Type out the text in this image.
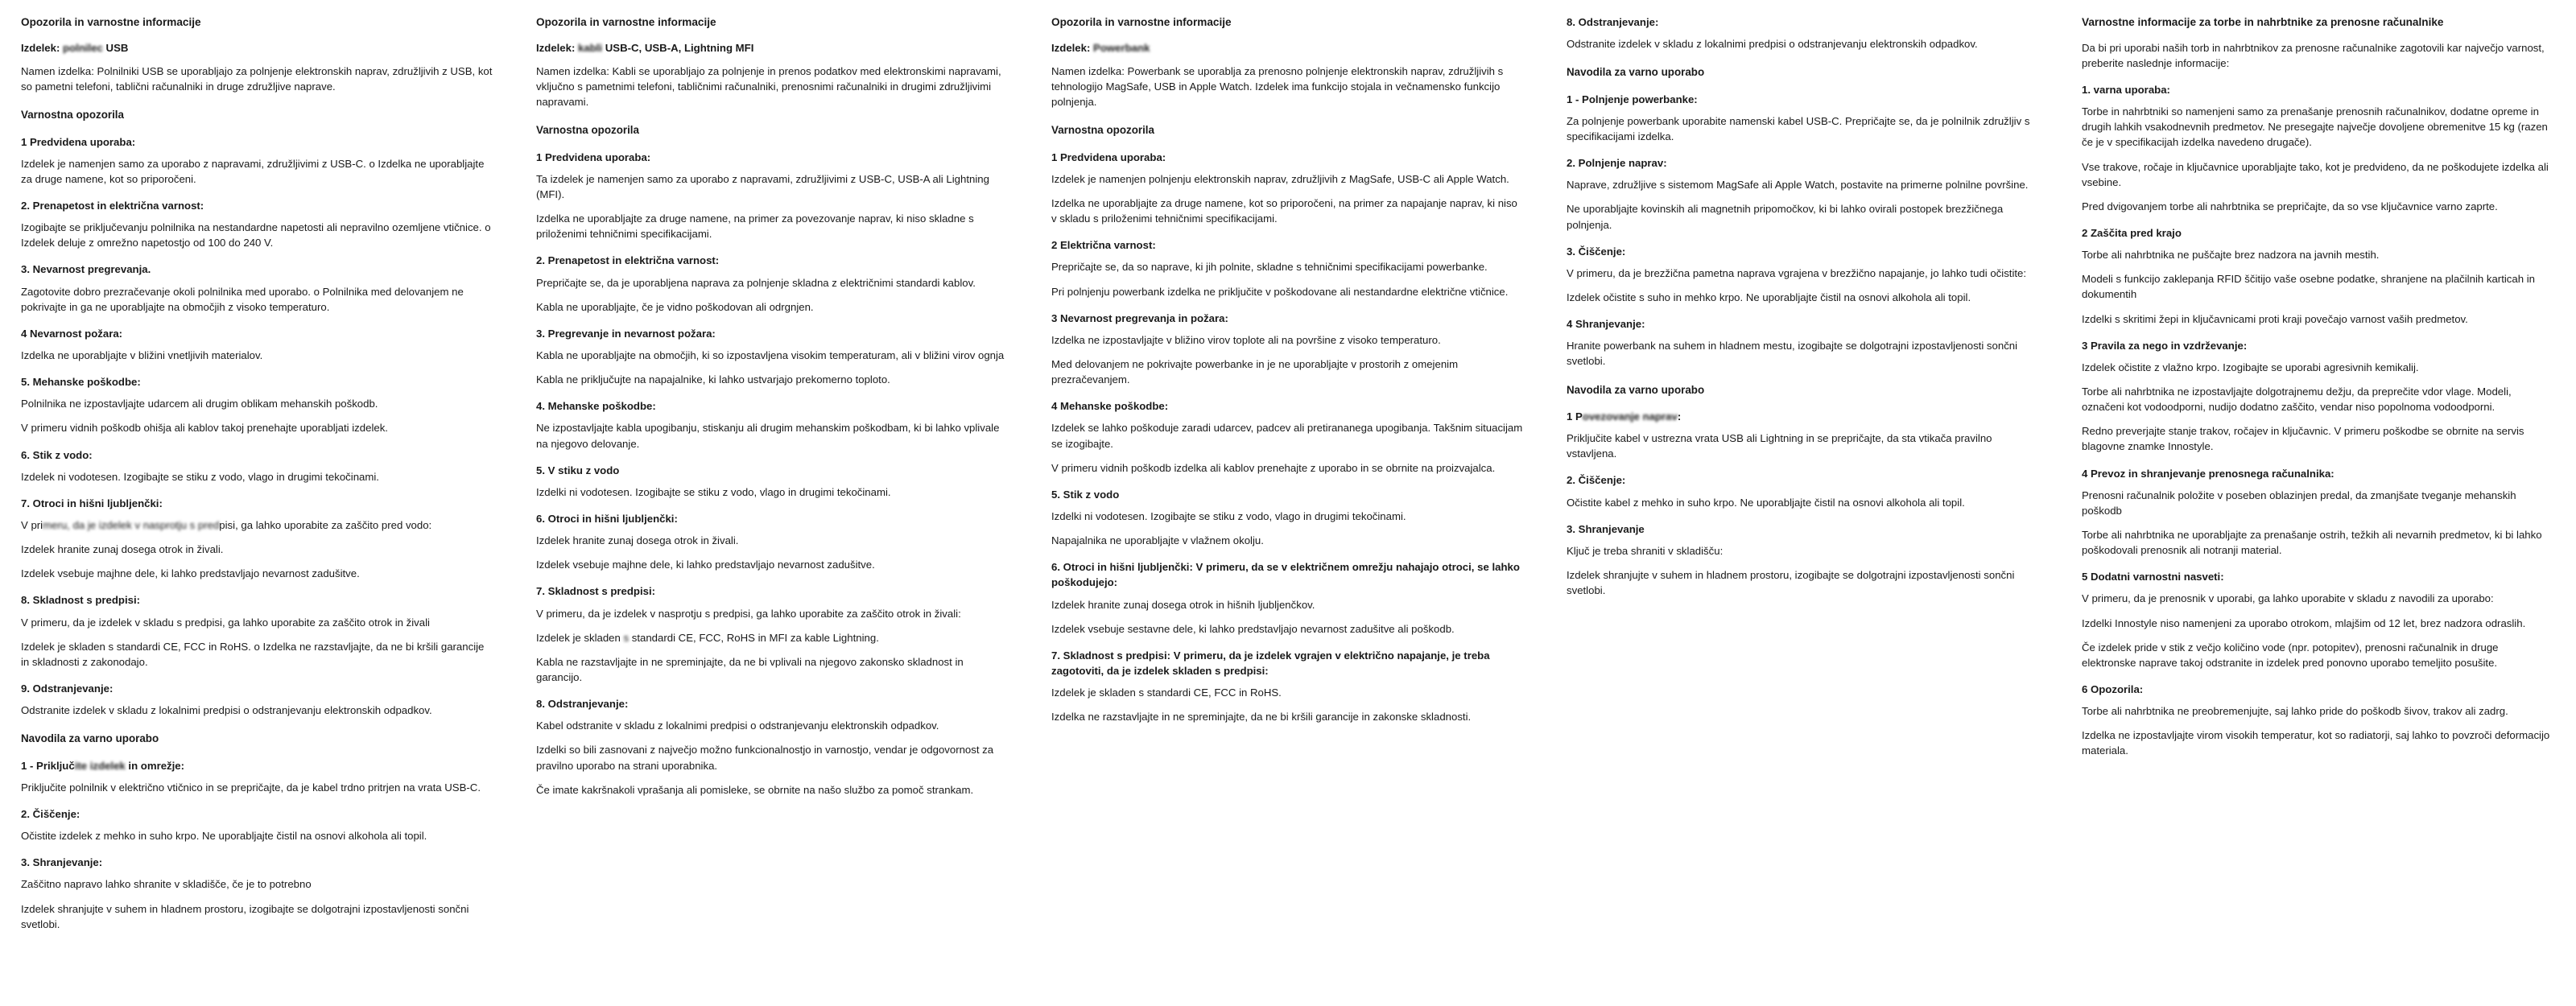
Opozorila in varnostne informacije

Izdelek: polnilec USB

Namen izdelka: Polnilniki USB se uporabljajo za polnjenje elektronskih naprav, združljivih z USB, kot so pametni telefoni, tablični računalniki in druge združljive naprave.

Varnostna opozorila
1 Predvidena uporaba:

Izdelek je namenjen samo za uporabo z napravami, združljivimi z USB-C. o Izdelka ne uporabljajte za druge namene, kot so priporočeni.

2. Prenapetost in električna varnost:

Izogibajte se priključevanju polnilnika na nestandardne napetosti ali nepravilno ozemljene vtičnice. o Izdelek deluje z omrežno napetostjo od 100 do 240 V.

3. Nevarnost pregrevanja.

Zagotovite dobro prezračevanje okoli polnilnika med uporabo. o Polnilnika med delovanjem ne pokrivajte in ga ne uporabljajte na območjih z visoko temperaturo.

4 Nevarnost požara:

Izdelka ne uporabljajte v bližini vnetljivih materialov.

5. Mehanske poškodbe:

Polnilnika ne izpostavljajte udarcem ali drugim oblikam mehanskih poškodb.

V primeru vidnih poškodb ohišja ali kablov takoj prenehajte uporabljati izdelek.

6. Stik z vodo:

Izdelek ni vodotesen. Izogibajte se stiku z vodo, vlago in drugimi tekočinami.

7. Otroci in hišni ljubljenčki:

V primeru, da je izdelek v nasprotju s predpisi, ga lahko uporabite za zaščito pred vodo:

Izdelek hranite zunaj dosega otrok in živali.

Izdelek vsebuje majhne dele, ki lahko predstavljajo nevarnost zadušitve.

8. Skladnost s predpisi:

V primeru, da je izdelek v skladu s predpisi, ga lahko uporabite za zaščito otrok in živali

Izdelek je skladen s standardi CE, FCC in RoHS. o Izdelka ne razstavljajte, da ne bi kršili garancije in skladnosti z zakonodajo.

9. Odstranjevanje:

Odstranite izdelek v skladu z lokalnimi predpisi o odstranjevanju elektronskih odpadkov.

Navodila za varno uporabo
1 - Priključite izdelek in omrežje:

Priključite polnilnik v električno vtičnico in se prepričajte, da je kabel trdno pritrjen na vrata USB-C.

2. Čiščenje:

Očistite izdelek z mehko in suho krpo. Ne uporabljajte čistil na osnovi alkohola ali topil.

3. Shranjevanje:

Zaščitno napravo lahko shranite v skladišče, če je to potrebno

Izdelek shranjujte v suhem in hladnem prostoru, izogibajte se dolgotrajni izpostavljenosti sončni svetlobi.

Opozorila in varnostne informacije

Izdelek: kabli USB-C, USB-A, Lightning MFI

Namen izdelka: Kabli se uporabljajo za polnjenje in prenos podatkov med elektronskimi napravami, vključno s pametnimi telefoni, tabličnimi računalniki, prenosnimi računalniki in drugimi združljivimi napravami.

Varnostna opozorila
1 Predvidena uporaba:

Ta izdelek je namenjen samo za uporabo z napravami, združljivimi z USB-C, USB-A ali Lightning (MFI).

Izdelka ne uporabljajte za druge namene, na primer za povezovanje naprav, ki niso skladne s priloženimi tehničnimi specifikacijami.

2. Prenapetost in električna varnost:

Prepričajte se, da je uporabljena naprava za polnjenje skladna z električnimi standardi kablov.

Kabla ne uporabljajte, če je vidno poškodovan ali odrgnjen.

3. Pregrevanje in nevarnost požara:

Kabla ne uporabljajte na območjih, ki so izpostavljena visokim temperaturam, ali v bližini virov ognja

Kabla ne priključujte na napajalnike, ki lahko ustvarjajo prekomerno toploto.

4. Mehanske poškodbe:

Ne izpostavljajte kabla upogibanju, stiskanju ali drugim mehanskim poškodbam, ki bi lahko vplivale na njegovo delovanje.

5. V stiku z vodo

Izdelki ni vodotesen. Izogibajte se stiku z vodo, vlago in drugimi tekočinami.

6. Otroci in hišni ljubljenčki:

Izdelek hranite zunaj dosega otrok in živali.

Izdelek vsebuje majhne dele, ki lahko predstavljajo nevarnost zadušitve.

7. Skladnost s predpisi:

V primeru, da je izdelek v nasprotju s predpisi, ga lahko uporabite za zaščito otrok in živali:

Izdelek je skladen s standardi CE, FCC, RoHS in MFI za kable Lightning.

Kabla ne razstavljajte in ne spreminjajte, da ne bi vplivali na njegovo zakonsko skladnost in garancijo.

8. Odstranjevanje:

Kabel odstranite v skladu z lokalnimi predpisi o odstranjevanju elektronskih odpadkov.

Izdelki so bili zasnovani z največjo možno funkcionalnostjo in varnostjo, vendar je odgovornost za pravilno uporabo na strani uporabnika.

Če imate kakršnakoli vprašanja ali pomisleke, se obrnite na našo službo za pomoč strankam.

Opozorila in varnostne informacije

Izdelek: Powerbank

Namen izdelka: Powerbank se uporablja za prenosno polnjenje elektronskih naprav, združljivih s tehnologijo MagSafe, USB in Apple Watch. Izdelek ima funkcijo stojala in večnamensko funkcijo polnjenja.

Varnostna opozorila
1 Predvidena uporaba:

Izdelek je namenjen polnjenju elektronskih naprav, združljivih z MagSafe, USB-C ali Apple Watch.

Izdelka ne uporabljajte za druge namene, kot so priporočeni, na primer za napajanje naprav, ki niso v skladu s priloženimi tehničnimi specifikacijami.

2 Električna varnost:

Prepričajte se, da so naprave, ki jih polnite, skladne s tehničnimi specifikacijami powerbanke.

Pri polnjenju powerbank izdelka ne priključite v poškodovane ali nestandardne električne vtičnice.

3 Nevarnost pregrevanja in požara:

Izdelka ne izpostavljajte v bližino virov toplote ali na površine z visoko temperaturo.

Med delovanjem ne pokrivajte powerbanke in je ne uporabljajte v prostorih z omejenim prezračevanjem.

4 Mehanske poškodbe:

Izdelek se lahko poškoduje zaradi udarcev, padcev ali pretirananega upogibanja. Takšnim situacijam se izogibajte.

V primeru vidnih poškodb izdelka ali kablov prenehajte z uporabo in se obrnite na proizvajalca.

5. Stik z vodo

Izdelki ni vodotesen. Izogibajte se stiku z vodo, vlago in drugimi tekočinami.

Napajalnika ne uporabljajte v vlažnem okolju.

6. Otroci in hišni ljubljenčki: V primeru, da se v električnem omrežju nahajajo otroci, se lahko poškodujejo:

Izdelek hranite zunaj dosega otrok in hišnih ljubljenčkov.

Izdelek vsebuje sestavne dele, ki lahko predstavljajo nevarnost zadušitve ali poškodb.

7. Skladnost s predpisi: V primeru, da je izdelek vgrajen v električno napajanje, je treba zagotoviti, da je izdelek skladen s predpisi:

Izdelek je skladen s standardi CE, FCC in RoHS.

Izdelka ne razstavljajte in ne spreminjajte, da ne bi kršili garancije in zakonske skladnosti.

8. Odstranjevanje:

Odstranite izdelek v skladu z lokalnimi predpisi o odstranjevanju elektronskih odpadkov.

Navodila za varno uporabo
1 - Polnjenje powerbanke:

Za polnjenje powerbank uporabite namenski kabel USB-C. Prepričajte se, da je polnilnik združljiv s specifikacijami izdelka.

2. Polnjenje naprav:

Naprave, združljive s sistemom MagSafe ali Apple Watch, postavite na primerne polnilne površine.

Ne uporabljajte kovinskih ali magnetnih pripomočkov, ki bi lahko ovirali postopek brezžičnega polnjenja.

3. Čiščenje:

V primeru, da je brezžična pametna naprava vgrajena v brezžično napajanje, jo lahko tudi očistite:

Izdelek očistite s suho in mehko krpo. Ne uporabljajte čistil na osnovi alkohola ali topil.

4 Shranjevanje:

Hranite powerbank na suhem in hladnem mestu, izogibajte se dolgotrajni izpostavljenosti sončni svetlobi.

Navodila za varno uporabo
1 Povezovanje naprav:

Priključite kabel v ustrezna vrata USB ali Lightning in se prepričajte, da sta vtikača pravilno vstavljena.

2. Čiščenje:

Očistite kabel z mehko in suho krpo. Ne uporabljajte čistil na osnovi alkohola ali topil.

3. Shranjevanje

Ključ je treba shraniti v skladišču:

Izdelek shranjujte v suhem in hladnem prostoru, izogibajte se dolgotrajni izpostavljenosti sončni svetlobi.

Varnostne informacije za torbe in nahrbtnike za prenosne računalnike

Da bi pri uporabi naših torb in nahrbtnikov za prenosne računalnike zagotovili kar največjo varnost, preberite naslednje informacije:

1. varna uporaba:

Torbe in nahrbtniki so namenjeni samo za prenašanje prenosnih računalnikov, dodatne opreme in drugih lahkih vsakodnevnih predmetov. Ne presegajte največje dovoljene obremenitve 15 kg (razen če je v specifikacijah izdelka navedeno drugače).

Vse trakove, ročaje in ključavnice uporabljajte tako, kot je predvideno, da ne poškodujete izdelka ali vsebine.

Pred dvigovanjem torbe ali nahrbtnika se prepričajte, da so vse ključavnice varno zaprte.

2 Zaščita pred krajo

Torbe ali nahrbtnika ne puščajte brez nadzora na javnih mestih.

Modeli s funkcijo zaklepanja RFID ščitijo vaše osebne podatke, shranjene na plačilnih karticah in dokumentih

Izdelki s skritimi žepi in ključavnicami proti kraji povečajo varnost vaših predmetov.

3 Pravila za nego in vzdrževanje:

Izdelek očistite z vlažno krpo. Izogibajte se uporabi agresivnih kemikalij.

Torbe ali nahrbtnika ne izpostavljajte dolgotrajnemu dežju, da preprečite vdor vlage. Modeli, označeni kot vodoodporni, nudijo dodatno zaščito, vendar niso popolnoma vodoodporni.

Redno preverjajte stanje trakov, ročajev in ključavnic. V primeru poškodbe se obrnite na servis blagovne znamke Innostyle.

4 Prevoz in shranjevanje prenosnega računalnika:

Prenosni računalnik položite v poseben oblazinjen predal, da zmanjšate tveganje mehanskih poškodb

Torbe ali nahrbtnika ne uporabljajte za prenašanje ostrih, težkih ali nevarnih predmetov, ki bi lahko poškodovali prenosnik ali notranji material.

5 Dodatni varnostni nasveti:

V primeru, da je prenosnik v uporabi, ga lahko uporabite v skladu z navodili za uporabo:

Izdelki Innostyle niso namenjeni za uporabo otrokom, mlajšim od 12 let, brez nadzora odraslih.

Če izdelek pride v stik z večjo količino vode (npr. potopitev), prenosni računalnik in druge elektronske naprave takoj odstranite in izdelek pred ponovno uporabo temeljito posušite.

6 Opozorila:

Torbe ali nahrbtnika ne preobremenjujte, saj lahko pride do poškodb šivov, trakov ali zadrg.

Izdelka ne izpostavljajte virom visokih temperatur, kot so radiatorji, saj lahko to povzroči deformacijo materiala.
